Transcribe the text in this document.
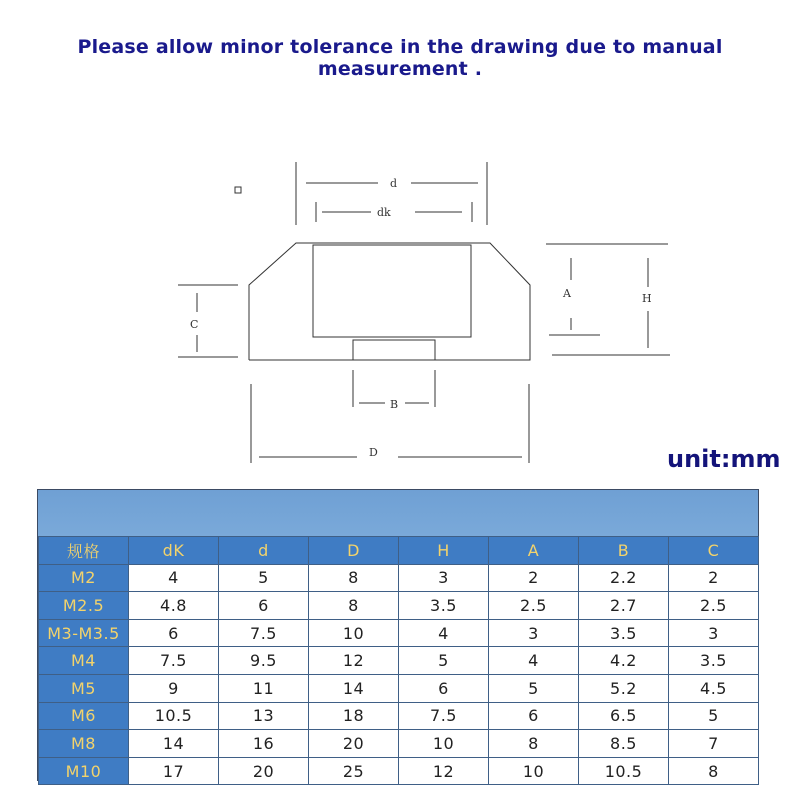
Please allow minor tolerance in the drawing due to manual measurement .
d
dk
A	H
C
B
D	unit:mm
规格	dK	d	D	H	A	B	C
M2	4	5	8	3	2	2.2	2
M2.5	4.8	6	8	3.5	2.5	2.7	2.5
M3-M3.5	6	7.5	10	4	3	3.5	3
M4	7.5	9.5	12	5	4	4.2	3.5
M5	9	11	14	6	5	5.2	4.5
M6	10.5	13	18	7.5	6	6.5	5
M8	14	16	20	10	8	8.5	7
M10	17	20	25	12	10	10.5	8
